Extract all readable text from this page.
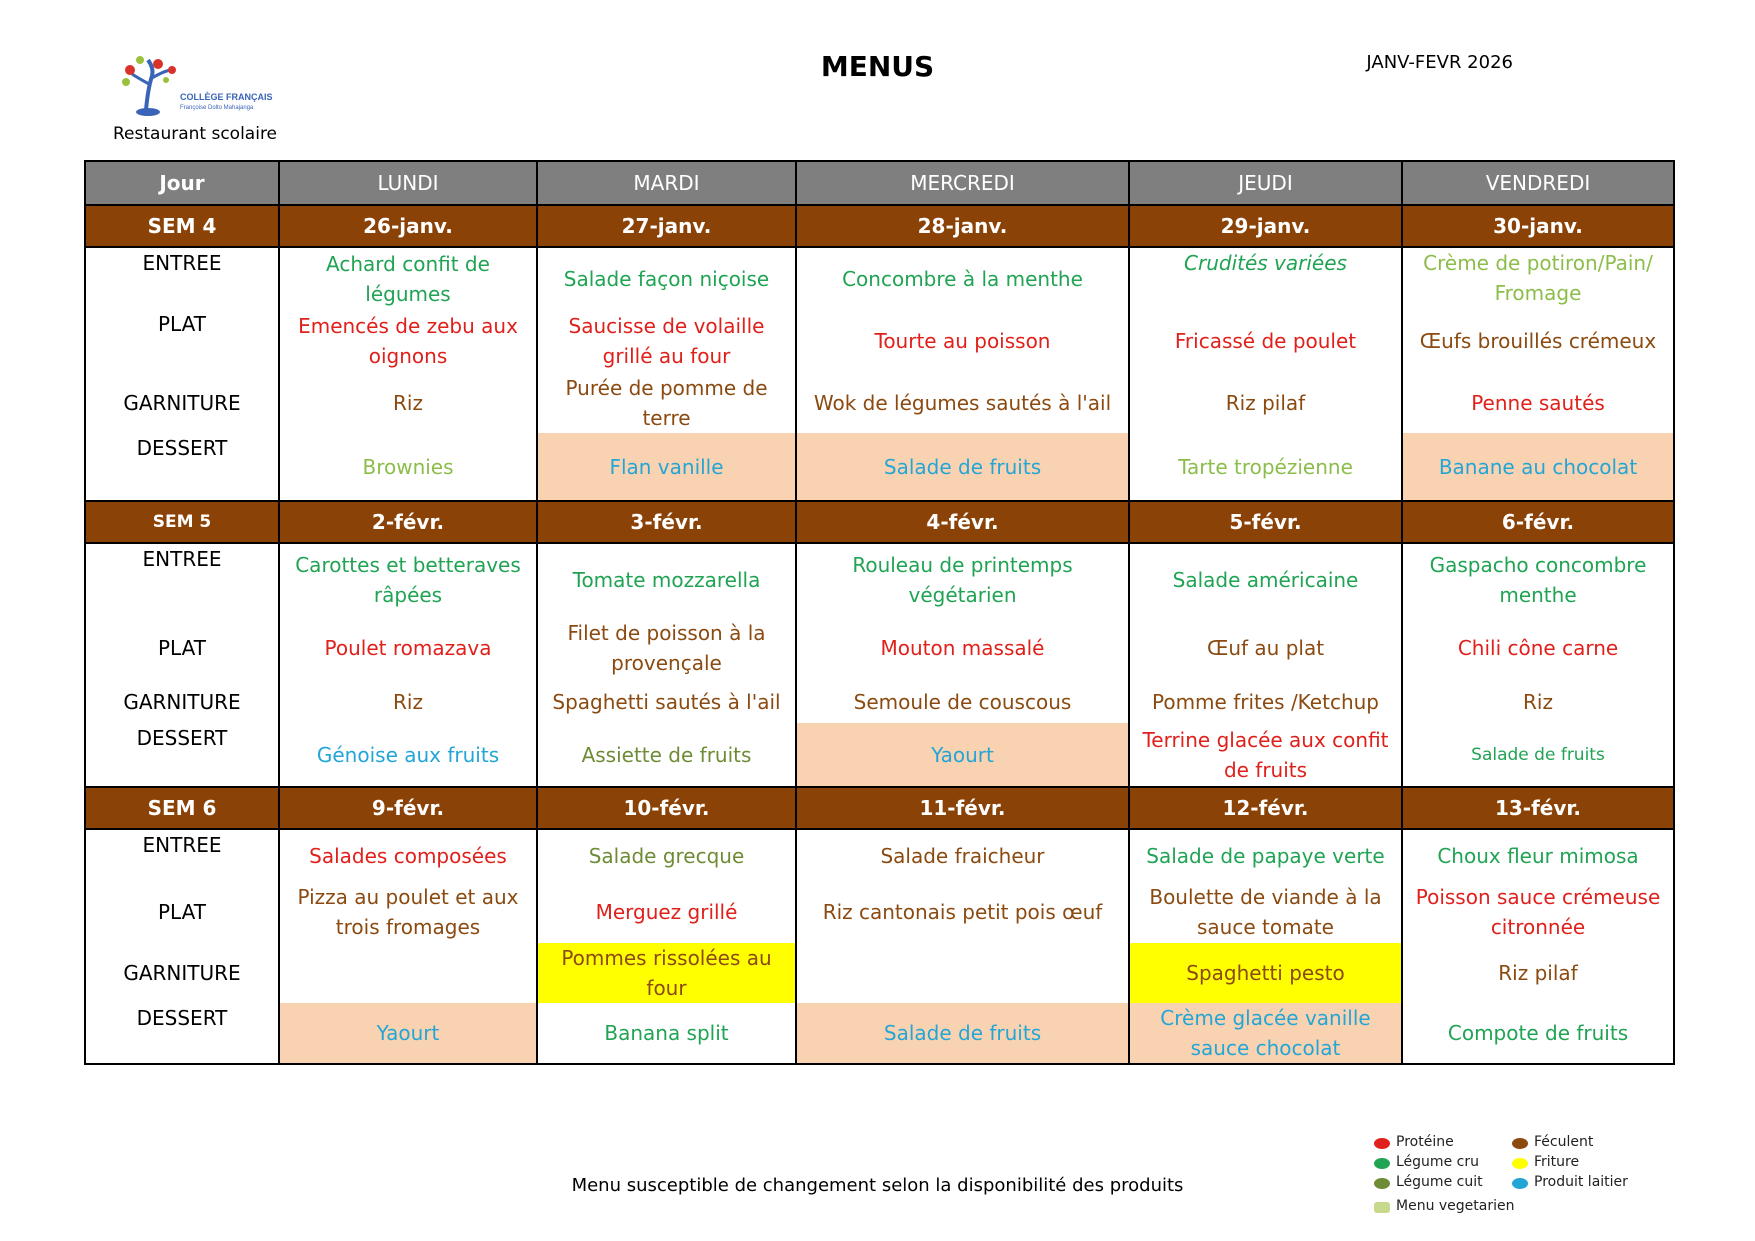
COLLÈGE FRANÇAIS
Françoise Dolto Mahajanga
MENUS	JANV-FEVR 2026
Restaurant scolaire
Jour	LUNDI	MARDI	MERCREDI	JEUDI	VENDREDI
SEM 4	26-janv.	27-janv.	28-janv.	29-janv.	30-janv.
ENTREE	Achard confit de légumes	Salade façon niçoise	Concombre à la menthe	Crudités variées	Crème de potiron/Pain/ Fromage
PLAT	Emencés de zebu aux oignons	Saucisse de volaille grillé au four	Tourte au poisson	Fricassé de poulet	Œufs brouillés crémeux
GARNITURE	Riz	Purée de pomme de terre	Wok de légumes sautés à l'ail	Riz pilaf	Penne sautés
DESSERT	Brownies	Flan vanille	Salade de fruits	Tarte tropézienne	Banane au chocolat
SEM 5	2-févr.	3-févr.	4-févr.	5-févr.	6-févr.
ENTREE	Carottes et betteraves râpées	Tomate mozzarella	Rouleau de printemps végétarien	Salade américaine	Gaspacho concombre menthe
PLAT	Poulet romazava	Filet de poisson à la provençale	Mouton massalé	Œuf au plat	Chili cône carne
GARNITURE	Riz	Spaghetti sautés à l'ail	Semoule de couscous	Pomme frites /Ketchup	Riz
DESSERT	Génoise aux fruits	Assiette de fruits	Yaourt	Terrine glacée aux confit de fruits	Salade de fruits
SEM 6	9-févr.	10-févr.	11-févr.	12-févr.	13-févr.
ENTREE	Salades composées	Salade grecque	Salade fraicheur	Salade de papaye verte	Choux fleur mimosa
PLAT	Pizza au poulet et aux trois fromages	Merguez grillé	Riz cantonais petit pois œuf	Boulette de viande à la sauce tomate	Poisson sauce crémeuse citronnée
GARNITURE		Pommes rissolées au four		Spaghetti pesto	Riz pilaf
DESSERT	Yaourt	Banana split	Salade de fruits	Crème glacée vanille sauce chocolat	Compote de fruits
Protéine
Légume cru
Légume cuit
Menu vegetarien
Féculent
Friture
Produit laitier
Menu susceptible de changement selon la disponibilité des produits
